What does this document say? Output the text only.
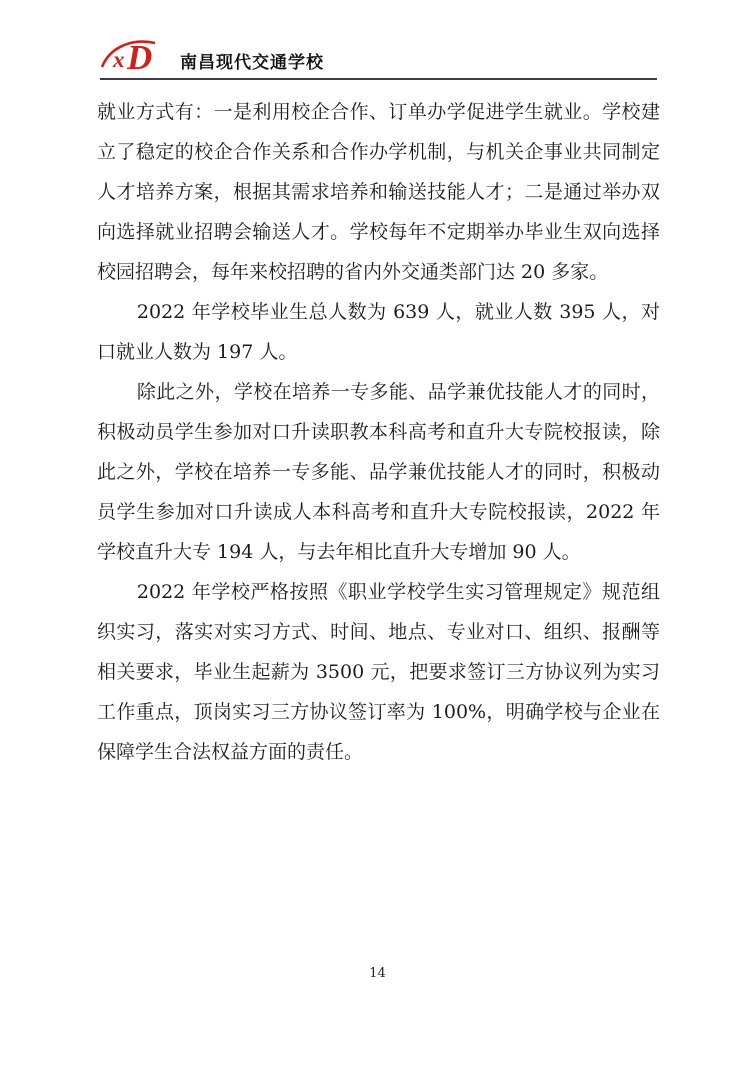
x D 南昌现代交通学校

就业方式有：一是利用校企合作、订单办学促进学生就业。学校建立了稳定的校企合作关系和合作办学机制，与机关企事业共同制定人才培养方案，根据其需求培养和输送技能人才；二是通过举办双向选择就业招聘会输送人才。学校每年不定期举办毕业生双向选择校园招聘会，每年来校招聘的省内外交通类部门达 20 多家。

2022 年学校毕业生总人数为 639 人，就业人数 395 人，对口就业人数为 197 人。

除此之外，学校在培养一专多能、品学兼优技能人才的同时，积极动员学生参加对口升读职教本科高考和直升大专院校报读，除此之外，学校在培养一专多能、品学兼优技能人才的同时，积极动员学生参加对口升读成人本科高考和直升大专院校报读，2022 年学校直升大专 194 人，与去年相比直升大专增加 90 人。

2022 年学校严格按照《职业学校学生实习管理规定》规范组织实习，落实对实习方式、时间、地点、专业对口、组织、报酬等相关要求，毕业生起薪为 3500 元，把要求签订三方协议列为实习工作重点，顶岗实习三方协议签订率为 100%，明确学校与企业在保障学生合法权益方面的责任。

14
